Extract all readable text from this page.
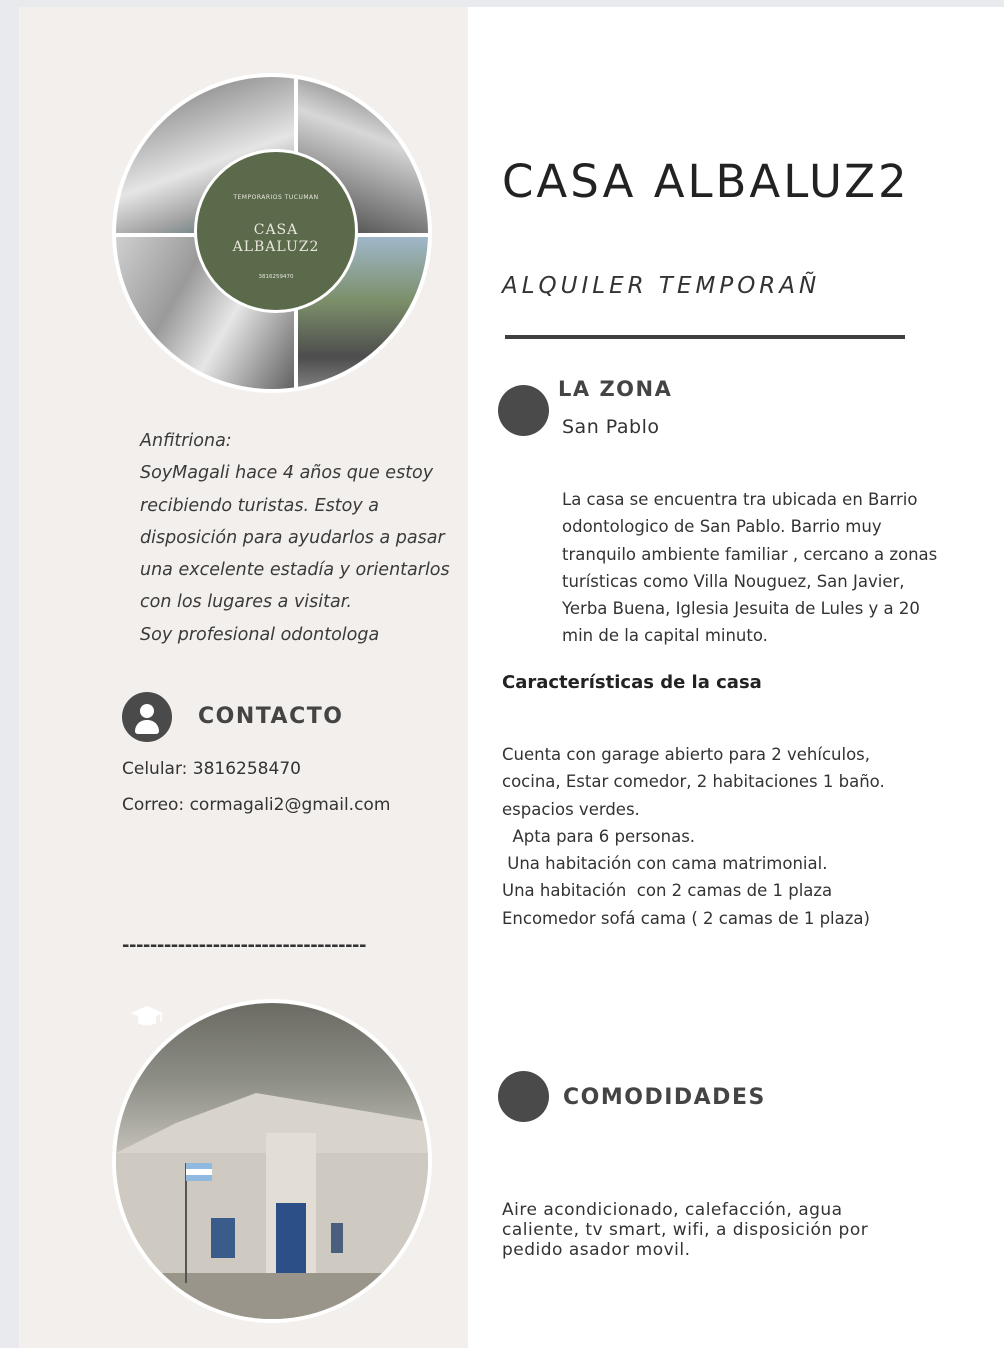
TEMPORARIOS TUCUMAN
CASA
ALBALUZ2
3816259470

Anfitriona:
SoyMagali hace 4 años que estoy
recibiendo turistas. Estoy a
disposición para ayudarlos a pasar
una excelente estadía y orientarlos
con los lugares a visitar.
Soy profesional odontologa

CONTACTO
Celular: 3816258470
Correo: cormagali2@gmail.com
-----------------------------------
CASA ALBALUZ2
ALQUILER TEMPORAÑ
LA ZONA
San Pablo

La casa se encuentra tra ubicada en Barrio
odontologico de San Pablo. Barrio muy
tranquilo ambiente familiar , cercano a zonas
turísticas como Villa Nouguez, San Javier,
Yerba Buena, Iglesia Jesuita de Lules y a 20
min de la capital minuto.

Características de la casa

Cuenta con garage abierto para 2 vehículos,
cocina, Estar comedor, 2 habitaciones 1 baño.
espacios verdes.
Apta para 6 personas.
Una habitación con cama matrimonial.
Una habitación  con 2 camas de 1 plaza
Encomedor sofá cama ( 2 camas de 1 plaza)

COMODIDADES

Aire acondicionado, calefacción, agua
caliente, tv smart, wifi, a disposición por
pedido asador movil.
